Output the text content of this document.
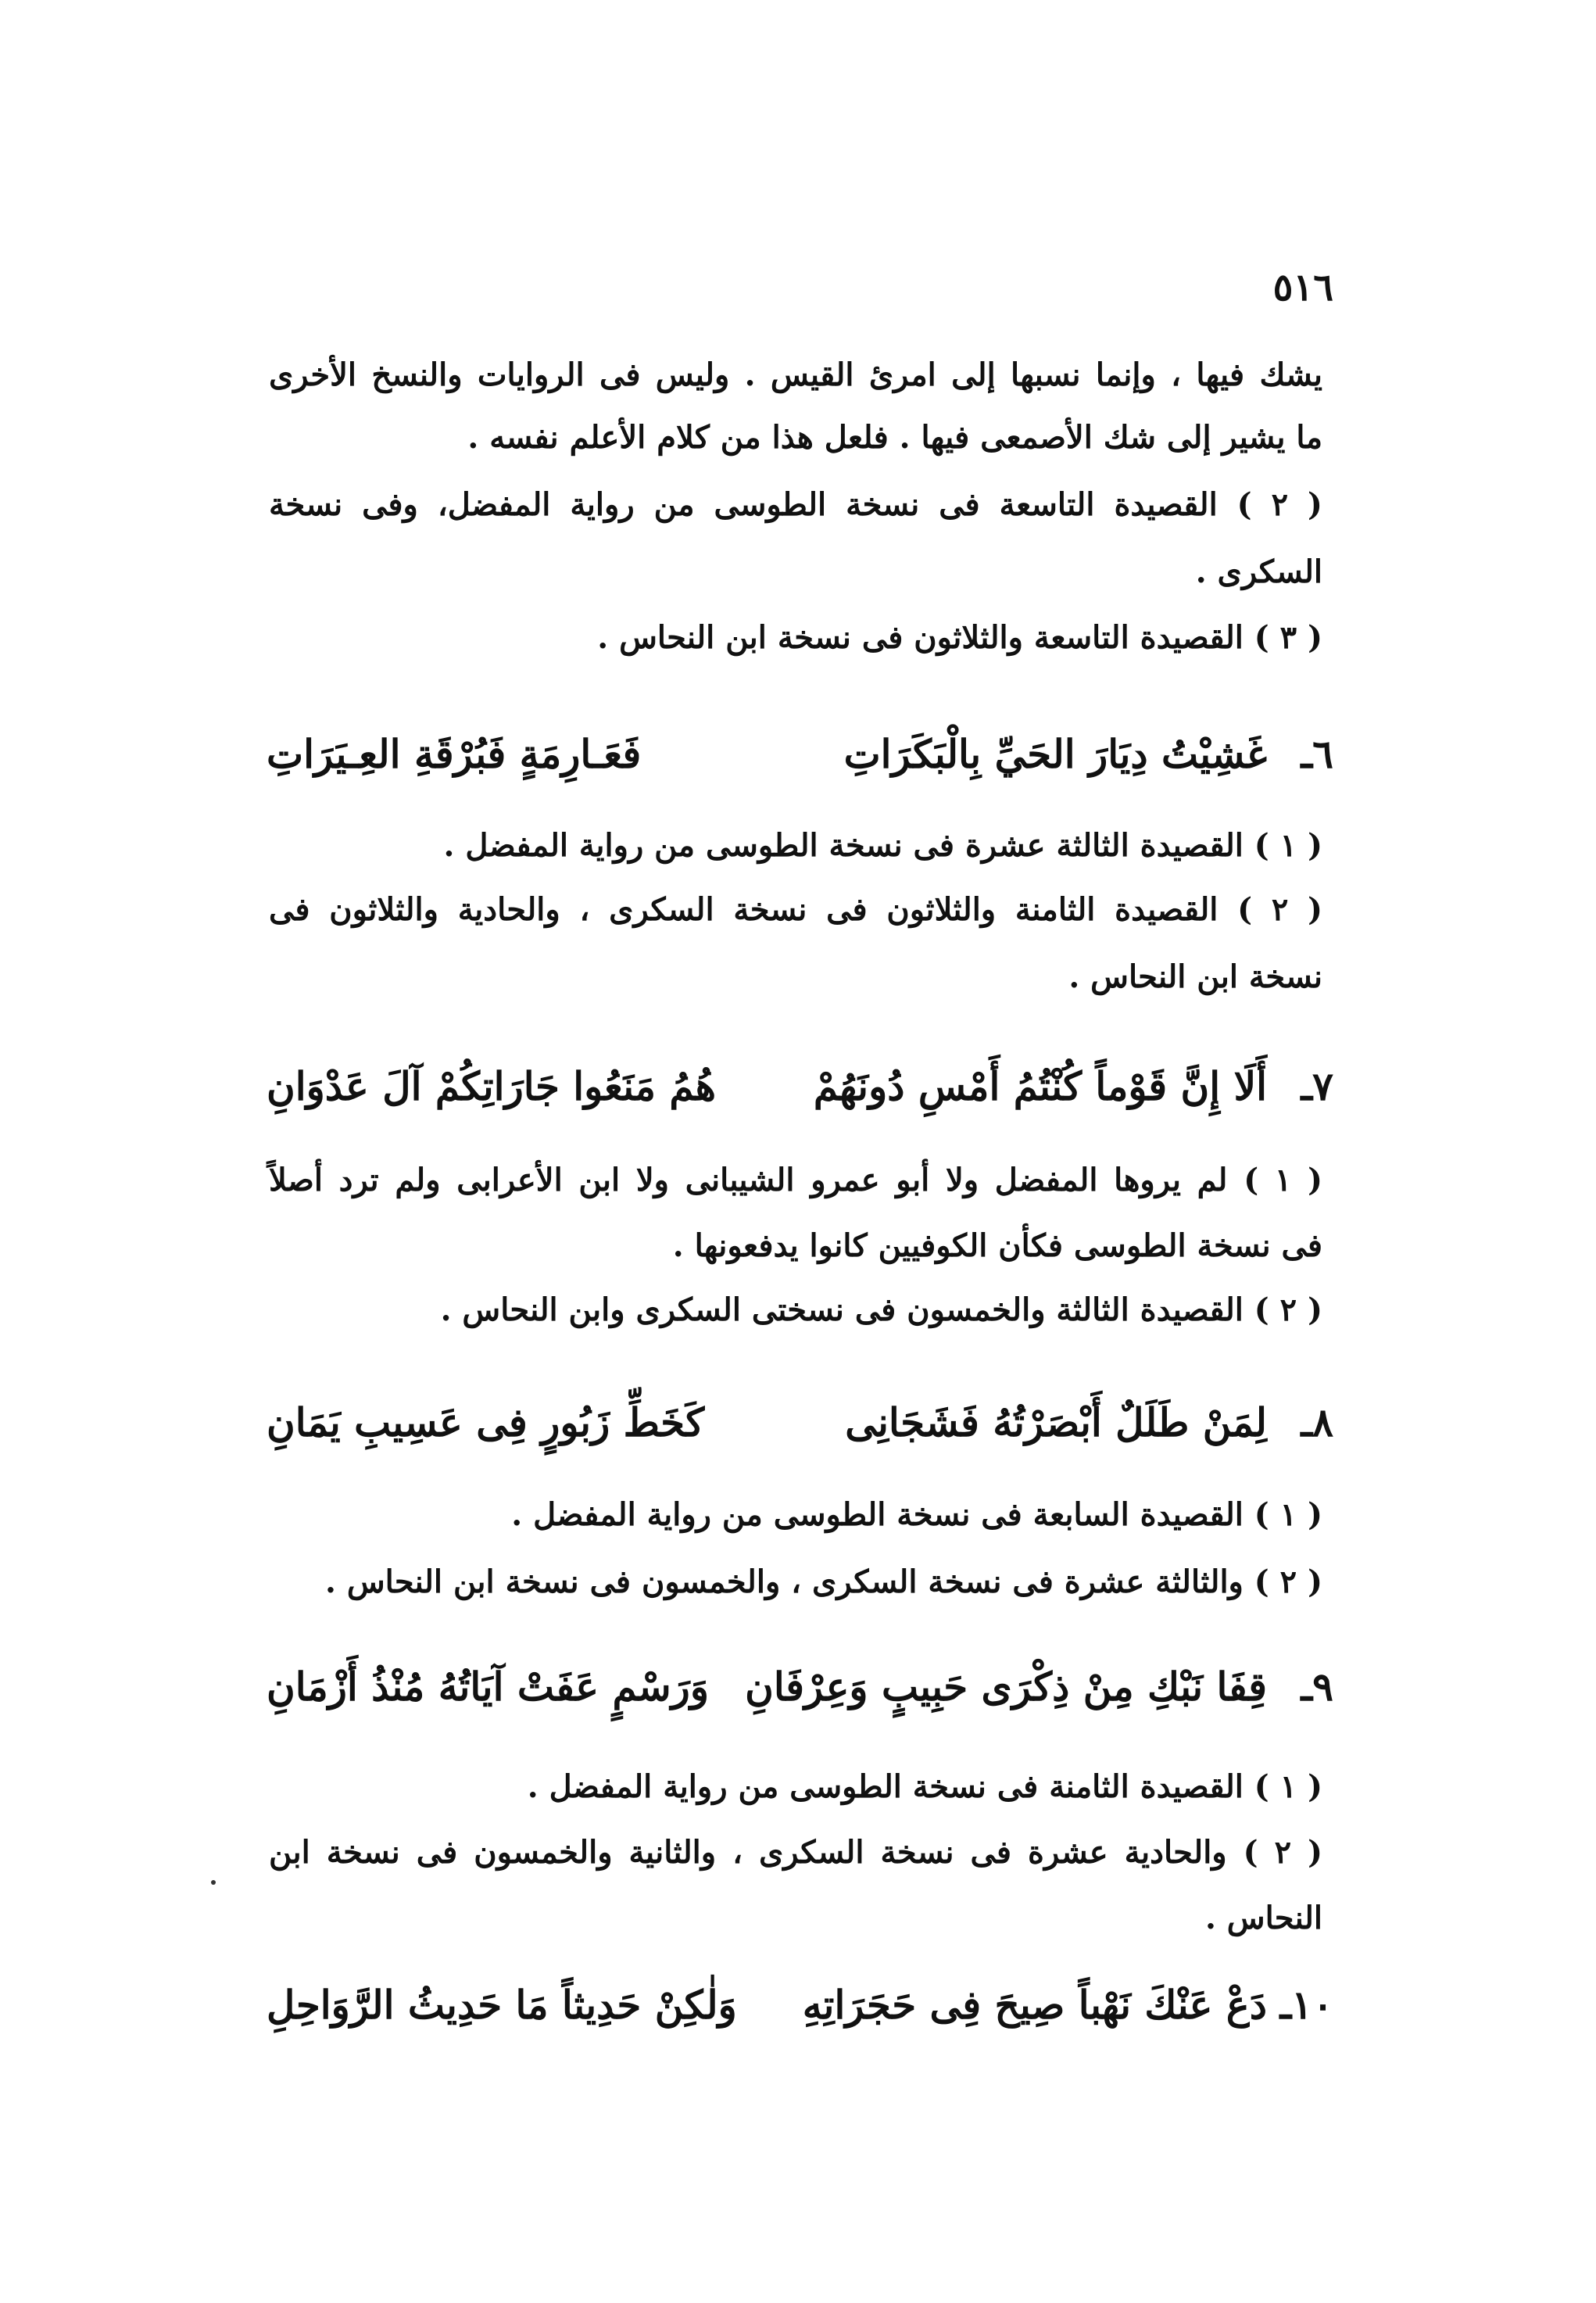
٥١٦
يشك فيها ، وإنما نسبها إلى امرئ القيس . وليس فى الروايات والنسخ الأخرى
ما يشير إلى شك الأصمعى فيها . فلعل هذا من كلام الأعلم نفسه .
( ٢ ) القصيدة التاسعة فى نسخة الطوسى من رواية المفضل، وفى نسخة
السكرى .
( ٣ ) القصيدة التاسعة والثلاثون فى نسخة ابن النحاس .
٦ـ
غَشِيْتُ دِيَارَ الحَيِّ بِالْبَكَرَاتِ
فَعَـارِمَةٍ فَبُرْقَةِ العِـيَرَاتِ
( ١ ) القصيدة الثالثة عشرة فى نسخة الطوسى من رواية المفضل .
( ٢ ) القصيدة الثامنة والثلاثون فى نسخة السكرى ، والحادية والثلاثون فى
نسخة ابن النحاس .
٧ـ
أَلَا إِنَّ قَوْماً كُنْتُمُ أَمْسِ دُونَهُمْ
هُمُ مَنَعُوا جَارَاتِكُمْ آلَ عَدْوَانِ
( ١ ) لم يروها المفضل ولا أبو عمرو الشيبانى ولا ابن الأعرابى ولم ترد أصلاً
فى نسخة الطوسى فكأن الكوفيين كانوا يدفعونها .
( ٢ ) القصيدة الثالثة والخمسون فى نسختى السكرى وابن النحاس .
٨ـ
لِمَنْ طَلَلٌ أَبْصَرْتُهُ فَشَجَانِى
كَخَطِّ زَبُورٍ فِى عَسِيبِ يَمَانِ
( ١ ) القصيدة السابعة فى نسخة الطوسى من رواية المفضل .
( ٢ ) والثالثة عشرة فى نسخة السكرى ، والخمسون فى نسخة ابن النحاس .
٩ـ
قِفَا نَبْكِ مِنْ ذِكْرَى حَبِيبٍ وَعِرْفَانِ
وَرَسْمٍ عَفَتْ آيَاتُهُ مُنْذُ أَزْمَانِ
( ١ ) القصيدة الثامنة فى نسخة الطوسى من رواية المفضل .
( ٢ ) والحادية عشرة فى نسخة السكرى ، والثانية والخمسون فى نسخة ابن
النحاس .
١٠ـ
دَعْ عَنْكَ نَهْباً صِيحَ فِى حَجَرَاتِهِ
وَلٰكِنْ حَدِيثاً مَا حَدِيثُ الرَّوَاحِلِ
